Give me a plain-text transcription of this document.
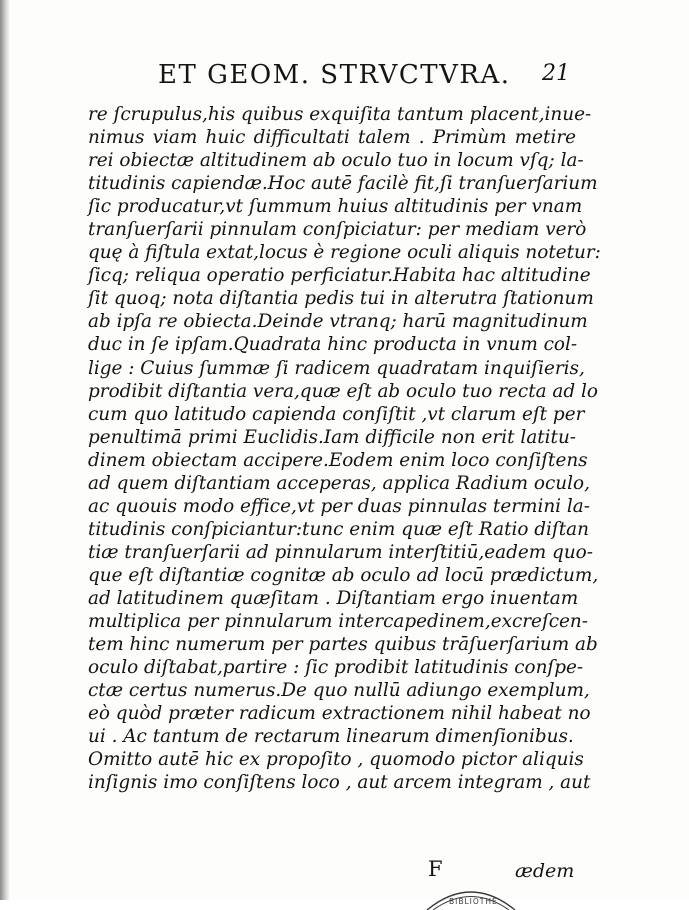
ET GEOM. STRVCTVRA. 21
re ſcrupulus,his quibus exquiſita tantum placent,inue-
nimus viam huic difficultati talem . Primùm metire
rei obiectæ altitudinem ab oculo tuo in locum vſq; la-
titudinis capiendæ.Hoc autē facilè fit,ſi tranſuerſarium
ſic producatur,vt ſummum huius altitudinis per vnam
tranſuerſarii pinnulam conſpiciatur: per mediam verò
quę à fiſtula extat,locus è regione oculi aliquis notetur:
ſicq; reliqua operatio perficiatur.Habita hac altitudine
ſit quoq; nota diſtantia pedis tui in alterutra ſtationum
ab ipſa re obiecta.Deinde vtranq; harū magnitudinum
duc in ſe ipſam.Quadrata hinc producta in vnum col-
lige : Cuius ſummæ ſi radicem quadratam inquiſieris,
prodibit diſtantia vera,quæ eſt ab oculo tuo recta ad lo
cum quo latitudo capienda conſiſtit ,vt clarum eſt per
penultimā primi Euclidis.Iam difficile non erit latitu-
dinem obiectam accipere.Eodem enim loco conſiſtens
ad quem diſtantiam acceperas, applica Radium oculo,
ac quouis modo effice,vt per duas pinnulas termini la-
titudinis conſpiciantur:tunc enim quæ eſt Ratio diſtan
tiæ tranſuerſarii ad pinnularum interſtitiū,eadem quo-
que eſt diſtantiæ cognitæ ab oculo ad locū prædictum,
ad latitudinem quæſitam . Diſtantiam ergo inuentam
multiplica per pinnularum intercapedinem,excreſcen-
tem hinc numerum per partes quibus trāſuerſarium ab
oculo diſtabat,partire : ſic prodibit latitudinis conſpe-
ctæ certus numerus.De quo nullū adiungo exemplum,
eò quòd præter radicum extractionem nihil habeat no
ui . Ac tantum de rectarum linearum dimenſionibus.
Omitto autē hic ex propoſito , quomodo pictor aliquis
inſignis imo conſiſtens loco , aut arcem integram , aut
F	ædem
BIBLIOTHE
